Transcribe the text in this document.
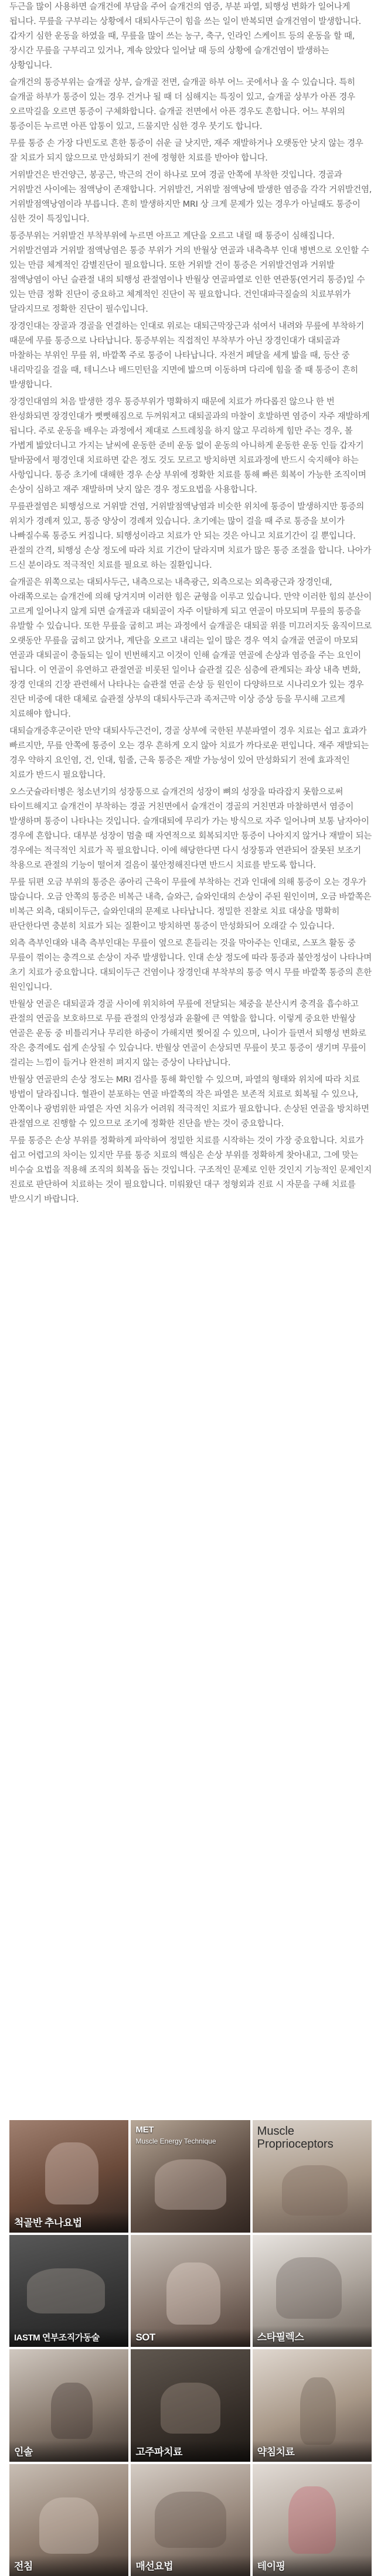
두근을 많이 사용하면 슬개건에 부담을 주어 슬개건의 염증, 부분 파열, 퇴행성 변화가 일어나게 됩니다. 무릎을 구부리는 상황에서 대퇴사두근이 힘을 쓰는 일이 반복되면 슬개건염이 발생합니다. 갑자기 심한 운동을 하였을 때, 무릎을 많이 쓰는 농구, 축구, 인라인 스케이트 등의 운동을 할 때, 장시간 무릎을 구부리고 있거나, 계속 앉았다 일어날 때 등의 상황에 슬개건염이 발생하는 상황입니다.

슬개건의 통증부위는 슬개골 상부, 슬개골 전면, 슬개골 하부 어느 곳에서나 올 수 있습니다. 특히 슬개골 하부가 통증이 있는 경우 건거나 될 때 더 심해지는 특징이 있고, 슬개골 상부가 아픈 경우 오르막길을 오르면 통증이 구체화합니다. 슬개골 전면에서 아픈 경우도 흔합니다. 어느 부위의 통증이든 누르면 아픈 압통이 있고, 드물지만 심한 경우 붓기도 합니다.

무릎 통증 손 가장 다빈도로 흔한 통증이 쉬운 글 낫지만, 재주 재발하거나 오랫동안 낫지 않는 경우 잘 치료가 되지 않으므로 만성화되기 전에 정형한 치료를 받아야 합니다.

거위발건은 반건양근, 봉공근, 박근의 건이 하나로 모여 경골 안쪽에 부착한 것입니다. 경골과 거위발건 사이에는 점액낭이 존재합니다. 거위발건, 거위발 점액낭에 발생한 염증을 각각 거위발건염, 거위발점액낭염이라 부릅니다. 흔히 발생하지만 MRI 상 크게 문제가 있는 경우가 아닐때도 통증이 심한 것이 특징입니다.

통증부위는 거위발건 부착부위에 누르면 아프고 계단을 오르고 내릴 때 통증이 심해집니다. 거위발건염과 거위발 점액낭염은 통증 부위가 거의 반월상 연골과 내측측부 인대 병변으로 오인할 수 있는 만큼 체계적인 감별진단이 필요합니다. 또한 거위발 건이 통증은 거위발건염과 거위발 점액낭염이 아닌 슬관절 내의 퇴행성 관절염이나 반월상 연골파열로 인한 연관통(연거리 통증)일 수 있는 만큼 정확 진단이 중요하고 체계적인 진단이 꼭 필요합니다. 건인대파극질술의 치료부위가 달라지므로 정확한 진단이 필수입니다.

장경인대는 장골과 경골을 연결하는 인대로 위로는 대퇴근막장근과 섞여서 내려와 무릎에 부착하기 때문에 무릎 통증으로 나타납니다. 통증부위는 직접적인 부착부가 아닌 장경인대가 대퇴골과 마찰하는 부위인 무릎 위, 바깥쪽 주로 통증이 나타납니다. 자전거 페달을 세게 밟을 때, 등산 중 내리막길을 걸을 때, 테니스나 배드민턴을 지면에 밟으며 이동하며 다리에 힘을 줄 때 통증이 흔히 발생합니다.

장경인대염의 처음 발생한 경우 통증부위가 명확하지 때문에 치료가 까다롭진 않으나 한 번 완성화되면 장경인대가 뻣뻣해짐으로 두꺼워져고 대퇴골과의 마찰이 호발하면 염증이 자주 재발하게 됩니다. 주로 운동을 배우는 과정에서 제대로 스트레칭을 하지 않고 무리하게 힘만 주는 경우, 볼 가볍게 밟았더니고 가지는 날씨에 운동한 준비 운동 없이 운동의 아니하게 운동한 운동 인들 갑자기 탈바꿈에서 평경인대 치료하면 같은 정도 것도 모르고 방치하면 치료과정에 반드시 숙지해야 하는 사항입니다. 통증 초기에 대해한 경우 손상 부위에 정확한 치료를 통해 빠른 회복이 가능한 조직이며 손상이 심하고 재주 재발하며 낫지 않은 경우 정도요법을 사용합니다.

무릎관절염은 퇴행성으로 거위발 건염, 거위발점액낭염과 비슷한 위치에 통증이 발생하지만 통증의 위치가 경례져 있고, 통증 양상이 경례져 있습니다. 초기에는 많이 걸을 때 주로 통증을 보이가 나빠질수록 통증도 커집니다. 퇴행성이라고 치료가 안 되는 것은 아니고 치료기간이 길 뿐입니다. 관절의 간격, 퇴행성 손상 정도에 따라 치료 기간이 달라지며 치료가 많은 통증 조절을 합니다. 나아가 드신 분이라도 적극적인 치료를 필요로 하는 질환입니다.

슬개골은 위쪽으로는 대퇴사두근, 내측으로는 내측광근, 외측으로는 외측광근과 장경인대, 아래쪽으로는 슬개건에 의해 당겨지며 이러한 힘은 균형을 이루고 있습니다. 만약 이러한 힘의 분산이 고르게 일어나지 않게 되면 슬개골과 대퇴골이 자주 이탈하게 되고 연골이 마모되며 무릎의 통증을 유발할 수 있습니다. 또한 무릎을 굽히고 펴는 과정에서 슬개골은 대퇴골 위를 미끄러지듯 움직이므로 오랫동안 무릎을 굽히고 앉거나, 계단을 오르고 내리는 일이 많은 경우 역치 슬개골 연골이 마모되 연골과 대퇴골이 충돌되는 일이 빈번해지고 이것이 인해 슬개골 연골에 손상과 염증을 주는 요인이 됩니다. 이 연골이 유연하고 관절연골 비롯된 일이나 슬관절 깊은 심층에 관계되는 좌상 내측 변화, 장경 인대의 긴장 관련해서 나타나는 슬관절 연골 손상 등 원인이 다양하므로 시나리오가 있는 경우 진단 비중에 대한 대체로 슬관절 상부의 대퇴사두근과 족저근막 이상 증상 등을 무시해 고르게 치료해야 합니다.

대퇴슬개증후군이란 만약 대퇴사두근건이, 경골 상부에 국한된 부분파열이 경우 치료는 쉽고 효과가 빠르지만, 무릎 안쪽에 통증이 오는 경우 흔하게 오지 않아 치료가 까다로운 편입니다. 재주 재발되는 경우 약하지 요인염, 건, 인대, 힘줄, 근육 통증은 재발 가능성이 있어 만성화되기 전에 효과적인 치료가 반드시 필요합니다.

오스굿슐라터병은 청소년기의 성장통으로 슬개건의 성장이 뼈의 성장을 따라잡지 못함으로써 타이트해지고 슬개건이 부착하는 경골 거친면에서 슬개건이 경골의 거친면과 마찰하면서 염증이 발생하며 통증이 나타나는 것입니다. 슬개대퇴에 무리가 가는 방식으로 자주 일어나며 보통 남자아이 경우에 흔합니다. 대부분 성장이 멈출 때 자연적으로 회복되지만 통증이 나아지지 않거나 재발이 되는 경우에는 적극적인 치료가 꼭 필요합니다. 이에 해당한다면 다시 성장통과 연관되어 잘못된 보조기 착용으로 관절의 기능이 떨어져 걸음이 불안정해진다면 반드시 치료를 받도록 합니다.

무릎 뒤편 오금 부위의 통증은 종아리 근육이 무릎에 부착하는 건과 인대에 의해 통증이 오는 경우가 많습니다. 오금 안쪽의 통증은 비복근 내측, 슬와근, 슬와인대의 손상이 주된 원인이며, 오금 바깥쪽은 비복근 외측, 대퇴이두근, 슬와인대의 문제로 나타납니다. 정밀한 진찰로 치료 대상을 명확히 판단한다면 충분히 치료가 되는 질환이고 방치하면 통증이 만성화되어 오래갈 수 있습니다.

외측 측부인대와 내측 측부인대는 무릎이 옆으로 흔들리는 것을 막아주는 인대로, 스포츠 활동 중 무릎이 꺾이는 충격으로 손상이 자주 발생합니다. 인대 손상 정도에 따라 통증과 불안정성이 나타나며 초기 치료가 중요합니다. 대퇴이두근 건염이나 장경인대 부착부의 통증 역시 무릎 바깥쪽 통증의 흔한 원인입니다.

반월상 연골은 대퇴골과 경골 사이에 위치하여 무릎에 전달되는 체중을 분산시켜 충격을 흡수하고 관절의 연골을 보호하므로 무릎 관절의 안정성과 윤활에 큰 역할을 합니다. 이렇게 중요한 반월상 연골은 운동 중 비틀리거나 무리한 하중이 가해지면 찢어질 수 있으며, 나이가 들면서 퇴행성 변화로 작은 충격에도 쉽게 손상될 수 있습니다. 반월상 연골이 손상되면 무릎이 붓고 통증이 생기며 무릎이 걸리는 느낌이 들거나 완전히 펴지지 않는 증상이 나타납니다.

반월상 연골판의 손상 정도는 MRI 검사를 통해 확인할 수 있으며, 파열의 형태와 위치에 따라 치료 방법이 달라집니다. 혈관이 분포하는 연골 바깥쪽의 작은 파열은 보존적 치료로 회복될 수 있으나, 안쪽이나 광범위한 파열은 자연 치유가 어려워 적극적인 치료가 필요합니다. 손상된 연골을 방치하면 관절염으로 진행할 수 있으므로 조기에 정확한 진단을 받는 것이 중요합니다.

무릎 통증은 손상 부위를 정확하게 파악하여 정밀한 치료를 시작하는 것이 가장 중요합니다. 치료가 쉽고 어렵고의 차이는 있지만 무릎 통증 치료의 핵심은 손상 부위를 정확하게 찾아내고, 그에 맞는 비수술 요법을 적용해 조직의 회복을 돕는 것입니다. 구조적인 문제로 인한 것인지 기능적인 문제인지 진료로 판단하여 치료하는 것이 필요합니다. 미뤄왔던 대구 정형외과 진료 시 자문을 구해 치료를 받으시기 바랍니다.

척골반 추나요법
MET
Muscle Energy Technique
Muscle Proprioceptors
IASTM 연부조직가동술	SOT	스타필렉스
인솔	고주파치료	약침치료
전침	매선요법	테이핑
